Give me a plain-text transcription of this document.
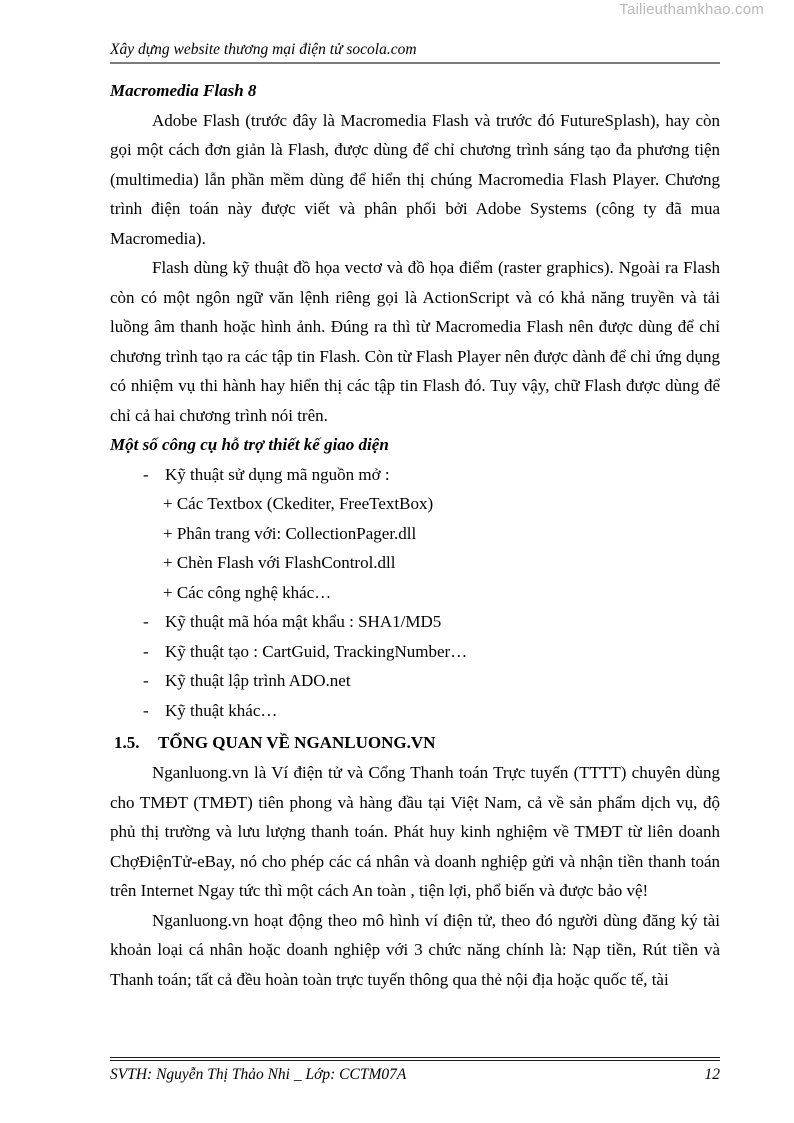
Tailieuthamkhao.com
Xây dựng website thương mại điện tử socola.com
Macromedia Flash 8

Adobe Flash (trước đây là Macromedia Flash và trước đó FutureSplash), hay còn gọi một cách đơn giản là Flash, được dùng để chỉ chương trình sáng tạo đa phương tiện (multimedia) lẫn phần mềm dùng để hiển thị chúng Macromedia Flash Player. Chương trình điện toán này được viết và phân phối bởi Adobe Systems (công ty đã mua Macromedia).

Flash dùng kỹ thuật đồ họa vectơ và đồ họa điểm (raster graphics). Ngoài ra Flash còn có một ngôn ngữ văn lệnh riêng gọi là ActionScript và có khả năng truyền và tải luồng âm thanh hoặc hình ảnh. Đúng ra thì từ Macromedia Flash nên được dùng để chỉ chương trình tạo ra các tập tin Flash. Còn từ Flash Player nên được dành để chỉ ứng dụng có nhiệm vụ thi hành hay hiển thị các tập tin Flash đó. Tuy vậy, chữ Flash được dùng để chỉ cả hai chương trình nói trên.

Một số công cụ hỗ trợ thiết kế giao diện
- Kỹ thuật sử dụng mã nguồn mở :
+ Các Textbox (Ckediter, FreeTextBox)
+ Phân trang với: CollectionPager.dll
+ Chèn Flash với FlashControl.dll
+ Các công nghệ khác…
- Kỹ thuật mã hóa mật khẩu : SHA1/MD5
- Kỹ thuật tạo : CartGuid, TrackingNumber…
- Kỹ thuật lập trình ADO.net
- Kỹ thuật khác…
1.5. TỔNG QUAN VỀ NGANLUONG.VN

Nganluong.vn là Ví điện tử và Cổng Thanh toán Trực tuyến (TTTT) chuyên dùng cho TMĐT (TMĐT) tiên phong và hàng đầu tại Việt Nam, cả về sản phẩm dịch vụ, độ phủ thị trường và lưu lượng thanh toán. Phát huy kinh nghiệm về TMĐT từ liên doanh ChợĐiệnTử-eBay, nó cho phép các cá nhân và doanh nghiệp gửi và nhận tiền thanh toán trên Internet Ngay tức thì một cách An toàn , tiện lợi, phổ biến và được bảo vệ!

Nganluong.vn hoạt động theo mô hình ví điện tử, theo đó người dùng đăng ký tài khoản loại cá nhân hoặc doanh nghiệp với 3 chức năng chính là: Nạp tiền, Rút tiền và Thanh toán; tất cả đều hoàn toàn trực tuyến thông qua thẻ nội địa hoặc quốc tế, tài

SVTH: Nguyễn Thị Thảo Nhi _ Lớp: CCTM07A	12
